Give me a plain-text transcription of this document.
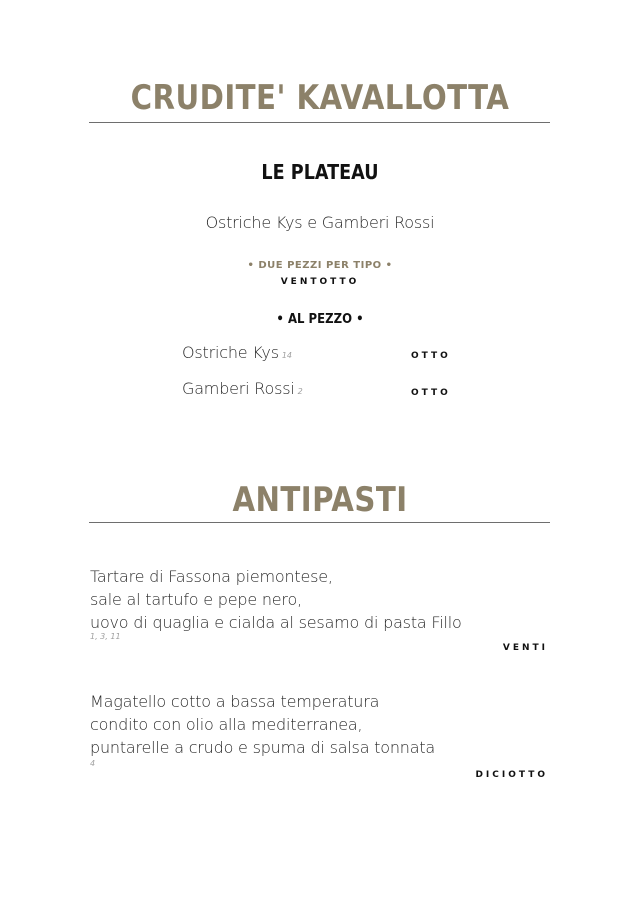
CRUDITE' KAVALLOTTA
LE PLATEAU
Ostriche Kys e Gamberi Rossi
• DUE PEZZI PER TIPO •
VENTOTTO
• AL PEZZO •
Ostriche Kys 14	OTTO
Gamberi Rossi 2	OTTO
ANTIPASTI
Tartare di Fassona piemontese,
sale al tartufo e pepe nero,
uovo di quaglia e cialda al sesamo di pasta Fillo
1, 3, 11
VENTI
Magatello cotto a bassa temperatura
condito con olio alla mediterranea,
puntarelle a crudo e spuma di salsa tonnata
4
DICIOTTO
